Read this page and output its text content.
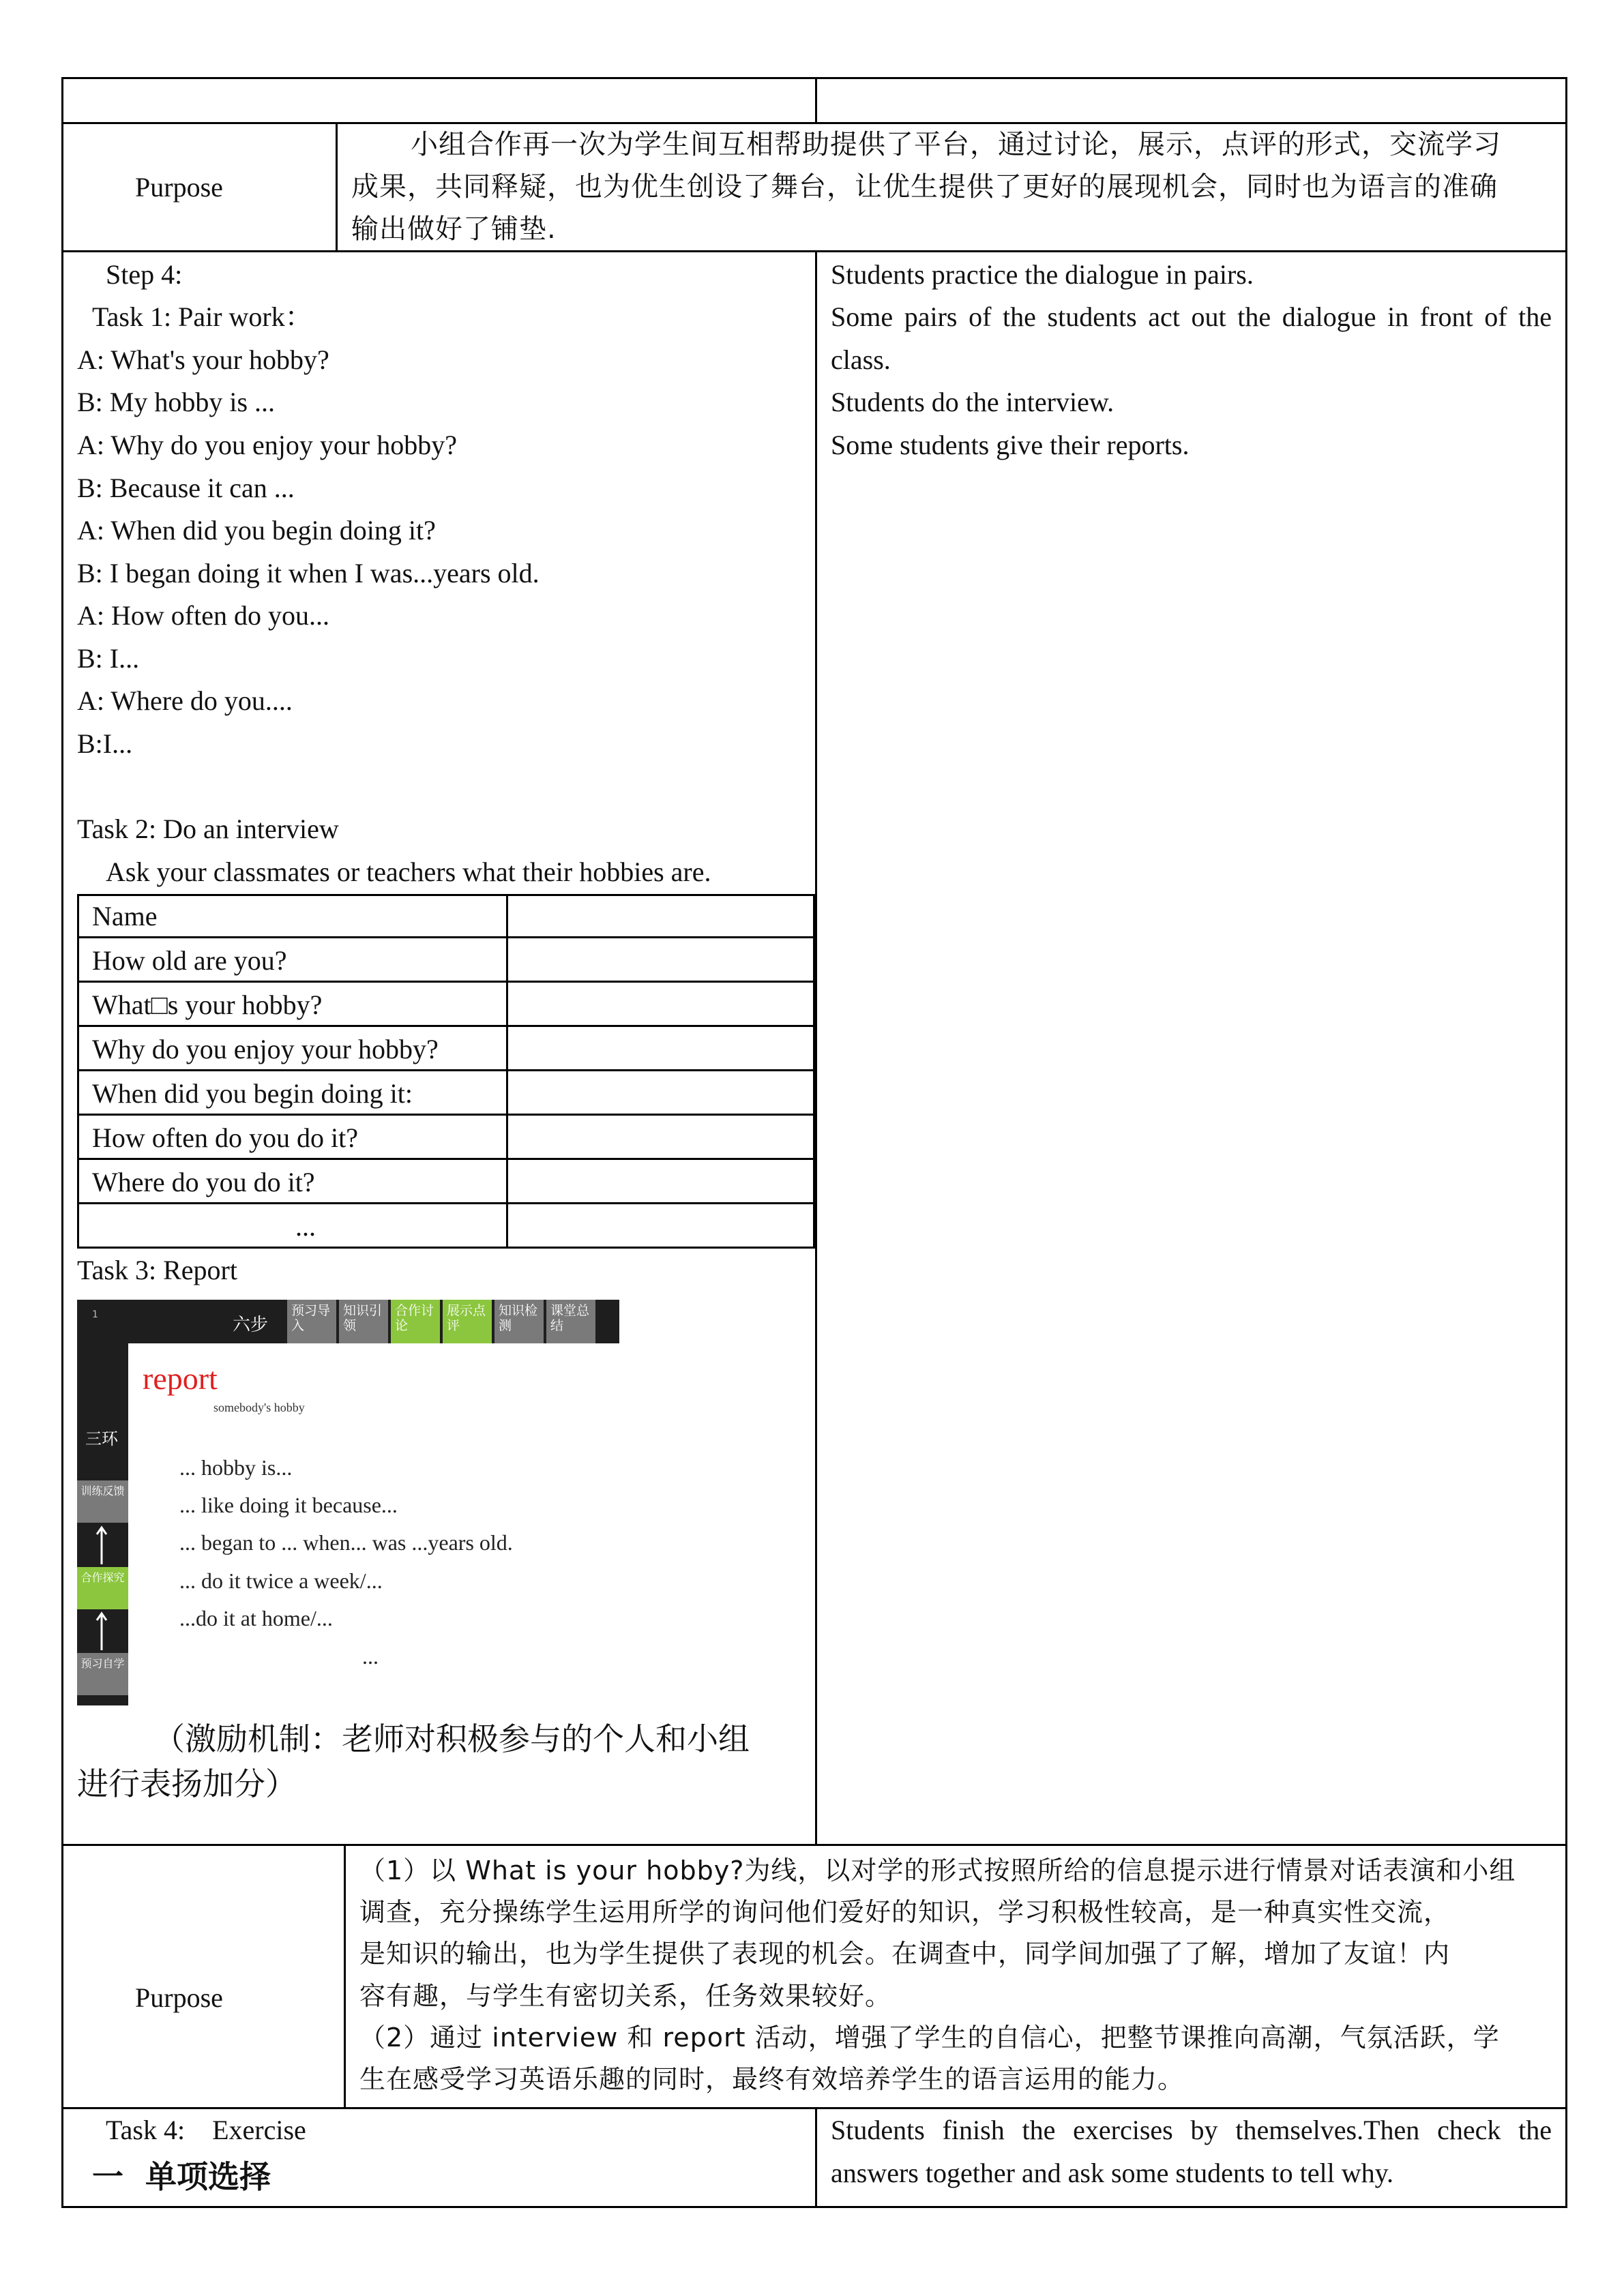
Purpose
小组合作再一次为学生间互相帮助提供了平台，通过讨论，展示，点评的形式，交流学习
成果，共同释疑，也为优生创设了舞台，让优生提供了更好的展现机会，同时也为语言的准确
输出做好了铺垫.
Step 4:
Task 1: Pair work：
A: What's your hobby?
B: My hobby is ...
A: Why do you enjoy your hobby?
B: Because it can ...
A: When did you begin doing it?
B: I began doing it when I was...years old.
A: How often do you...
B: I...
A: Where do you....
B:I...
Task 2: Do an interview
Ask your classmates or teachers what their hobbies are.
Name
How old are you?
What□s your hobby?
Why do you enjoy your hobby?
When did you begin doing it:
How often do you do it?
Where do you do it?
...
Task 3: Report
1	六步
预习导入
知识引领
合作讨论
展示点评
知识检测
课堂总结
三环
训练反馈
合作探究
预习自学
report
somebody's hobby
... hobby is...
... like doing it because...
... began to ... when... was ...years old.
... do it twice a week/...
...do it at home/...
...
（激励机制：老师对积极参与的个人和小组
进行表扬加分）
Students practice the dialogue in pairs.
Some pairs of the students act out the dialogue in front of the
class.
Students do the interview.
Some students give their reports.
Purpose
（1）以 What is your hobby?为线，以对学的形式按照所给的信息提示进行情景对话表演和小组
调查，充分操练学生运用所学的询问他们爱好的知识，学习积极性较高，是一种真实性交流，
是知识的输出，也为学生提供了表现的机会。在调查中，同学间加强了了解，增加了友谊！内
容有趣，与学生有密切关系，任务效果较好。
（2）通过 interview 和 report 活动，增强了学生的自信心，把整节课推向高潮，气氛活跃，学
生在感受学习英语乐趣的同时，最终有效培养学生的语言运用的能力。
Task 4:    Exercise
一  单项选择
Students finish the exercises by themselves.Then check the
answers together and ask some students to tell why.
